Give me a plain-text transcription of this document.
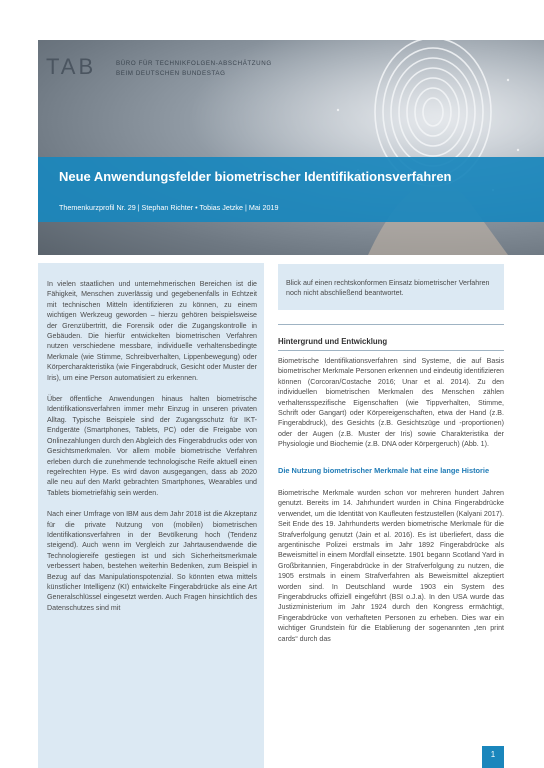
TAB	BÜRO FÜR TECHNIKFOLGEN-ABSCHÄTZUNG
BEIM DEUTSCHEN BUNDESTAG
Neue Anwendungsfelder biometrischer Identifikationsverfahren
Themenkurzprofil Nr. 29 | Stephan Richter • Tobias Jetzke | Mai 2019

In vielen staatlichen und unternehmerischen Bereichen ist die Fähigkeit, Menschen zuverlässig und gegebenenfalls in Echtzeit mit technischen Mitteln identifizieren zu können, zu einem wichtigen Werkzeug geworden – hierzu gehören beispielsweise der Grenzübertritt, die Forensik oder die Zugangskontrolle in Gebäuden. Die hierfür entwickelten biometrischen Verfahren nutzen verschiedene messbare, individuelle verhaltensbedingte Merkmale (wie Stimme, Schreibverhalten, Lippenbewegung) oder Körpercharakteristika (wie Fingerabdruck, Gesicht oder Muster der Iris), um eine Person automatisiert zu erkennen.

Über öffentliche Anwendungen hinaus halten biometrische Identifikationsverfahren immer mehr Einzug in unseren privaten Alltag. Typische Beispiele sind der Zugangsschutz für IKT-Endgeräte (Smartphones, Tablets, PC) oder die Freigabe von Onlinezahlungen durch den Abgleich des Fingerabdrucks oder von Gesichtsmerkmalen. Vor allem mobile biometrische Verfahren erleben durch die zunehmende technologische Reife aktuell einen regelrechten Hype. Es wird davon ausgegangen, dass ab 2020 alle neu auf den Markt gebrachten Smartphones, Wearables und Tablets biometriefähig sein werden.

Nach einer Umfrage von IBM aus dem Jahr 2018 ist die Akzeptanz für die private Nutzung von (mobilen) biometrischen Identifikationsverfahren in der Bevölkerung hoch (Tendenz steigend). Auch wenn im Vergleich zur Jahrtausendwende die Technologiereife gestiegen ist und sich Sicherheitsmerkmale verbessert haben, bestehen weiterhin Bedenken, zum Beispiel in Bezug auf das Manipulationspotenzial. So könnten etwa mittels künstlicher Intelligenz (KI) entwickelte Fingerabdrücke als eine Art Generalschlüssel eingesetzt werden. Auch Fragen hinsichtlich des Datenschutzes sind mit

Blick auf einen rechtskonformen Einsatz biometrischer Verfahren noch nicht abschließend beantwortet.
Hintergrund und Entwicklung
Biometrische Identifikationsverfahren sind Systeme, die auf Basis biometrischer Merkmale Personen erkennen und eindeutig identifizieren können (Corcoran/Costache 2016; Unar et al. 2014). Zu den individuellen biometrischen Merkmalen des Menschen zählen verhaltensspezifische Eigenschaften (wie Tippverhalten, Stimme, Schrift oder Gangart) oder Körpereigenschaften, etwa der Hand (z.B. Fingerabdruck), des Gesichts (z.B. Gesichtszüge und -proportionen) oder der Augen (z.B. Muster der Iris) sowie Charakteristika der Physiologie und Biochemie (z.B. DNA oder Körpergeruch) (Abb. 1).
Die Nutzung biometrischer Merkmale hat eine lange Historie
Biometrische Merkmale wurden schon vor mehreren hundert Jahren genutzt. Bereits im 14. Jahrhundert wurden in China Fingerabdrücke verwendet, um die Identität von Kaufleuten festzustellen (Kalyani 2017). Seit Ende des 19. Jahrhunderts werden biometrische Merkmale für die Strafverfolgung genutzt (Jain et al. 2016). Es ist überliefert, dass die argentinische Polizei erstmals im Jahr 1892 Fingerabdrücke als Beweismittel in einem Mordfall einsetzte. 1901 begann Scotland Yard in Großbritannien, Fingerabdrücke in der Strafverfolgung zu nutzen, die 1905 erstmals in einem Strafverfahren als Beweismittel akzeptiert worden sind. In Deutschland wurde 1903 ein System des Fingerabdrucks offiziell eingeführt (BSI o.J.a). In den USA wurde das Justizministerium im Jahr 1924 durch den Kongress ermächtigt, Fingerabdrücke von verhafteten Personen zu erheben. Dies war ein wichtiger Grundstein für die Etablierung der sogenannten „ten print cards“ durch das
1
